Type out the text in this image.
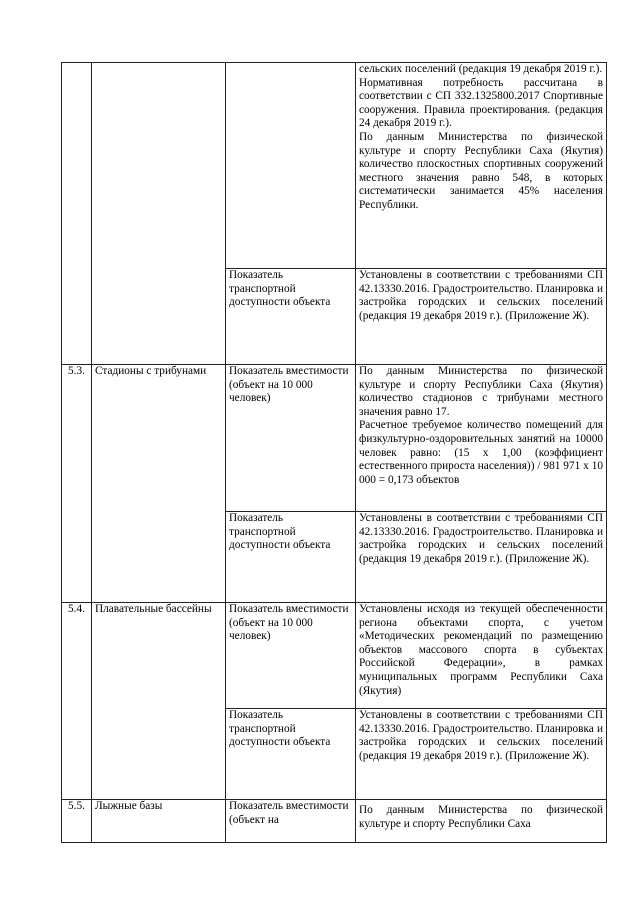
			сельских поселений (редакция 19 декабря 2019 г.).

Нормативная потребность рассчитана в соответствии с СП 332.1325800.2017 Спортивные сооружения. Правила проектирования. (редакция 24 декабря 2019 г.).

По данным Министерства по физической культуре и спорту Республики Саха (Якутия) количество плоскостных спортивных сооружений местного значения равно 548, в которых систематически занимается 45% населения Республики.

		Показатель транспортной доступности объекта	Установлены в соответствии с требованиями СП 42.13330.2016. Градостроительство. Планировка и застройка городских и сельских поселений (редакция 19 декабря 2019 г.). (Приложение Ж).
5.3.	Стадионы с трибунами	Показатель вместимости (объект на 10 000 человек)	По данным Министерства по физической культуре и спорту Республики Саха (Якутия) количество стадионов с трибунами местного значения равно 17.

Расчетное требуемое количество помещений для физкультурно-оздоровительных занятий на 10000 человек равно: (15 х 1,00 (коэффициент естественного прироста населения)) / 981 971 х 10 000 = 0,173 объектов

		Показатель транспортной доступности объекта	Установлены в соответствии с требованиями СП 42.13330.2016. Градостроительство. Планировка и застройка городских и сельских поселений (редакция 19 декабря 2019 г.). (Приложение Ж).
5.4.	Плавательные бассейны	Показатель вместимости (объект на 10 000 человек)	Установлены исходя из текущей обеспеченности региона объектами спорта, с учетом «Методических рекомендаций по размещению объектов массового спорта в субъектах Российской Федерации», в рамках муниципальных программ Республики Саха (Якутия)
		Показатель транспортной доступности объекта	Установлены в соответствии с требованиями СП 42.13330.2016. Градостроительство. Планировка и застройка городских и сельских поселений (редакция 19 декабря 2019 г.). (Приложение Ж).
5.5.	Лыжные базы	Показатель вместимости (объект на	По данным Министерства по физической культуре и спорту Республики Саха
